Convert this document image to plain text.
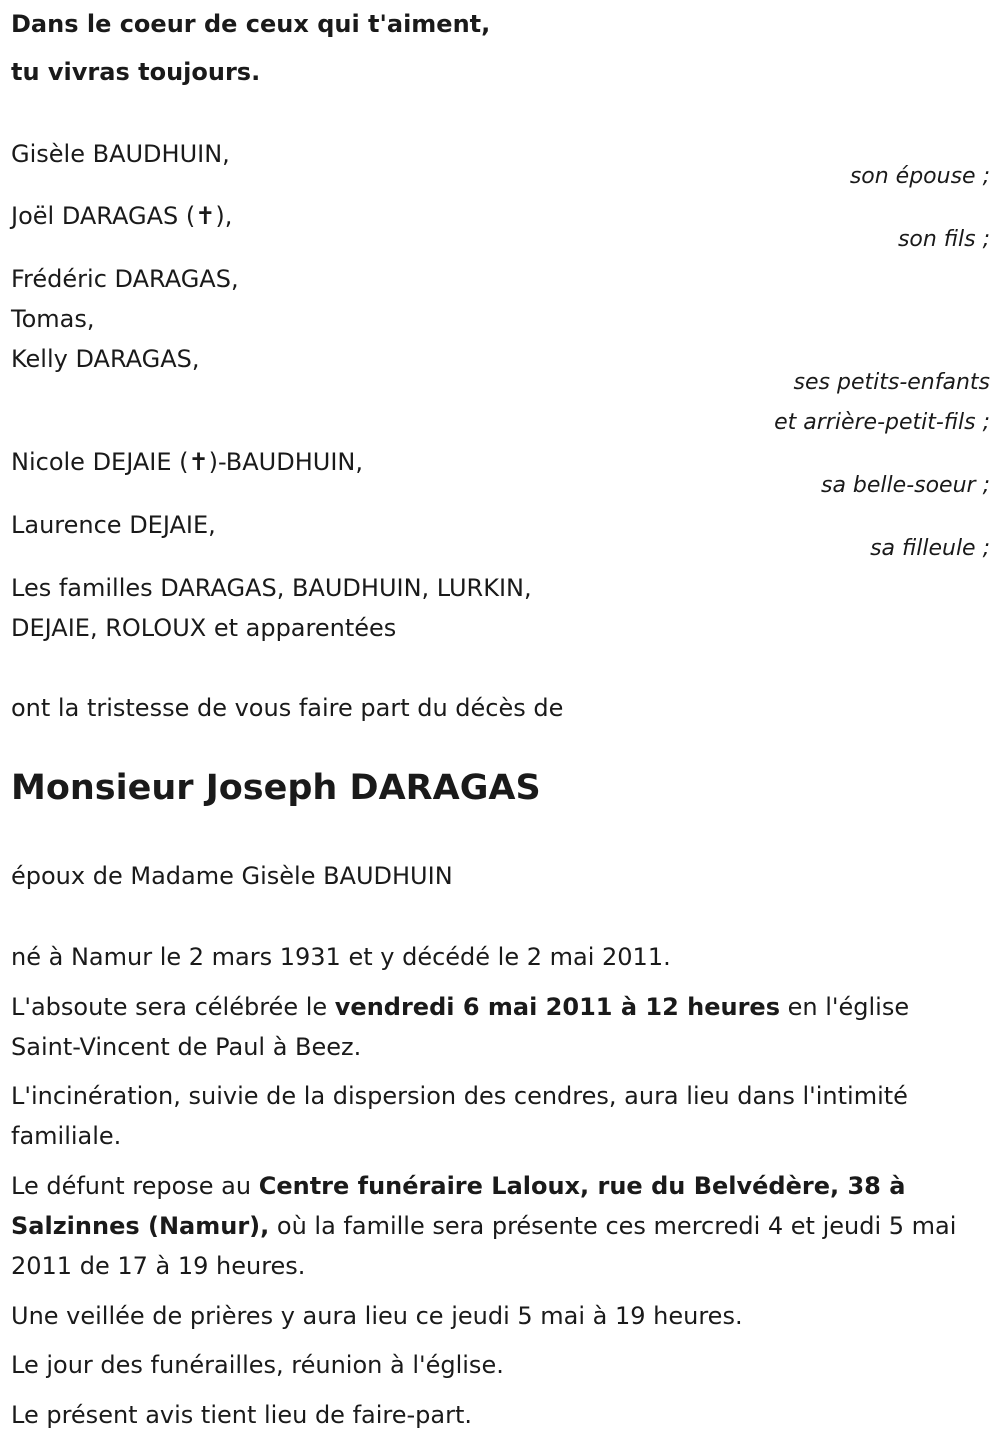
Dans le coeur de ceux qui t'aiment,
tu vivras toujours.
Gisèle BAUDHUIN,
son épouse ;
Joël DARAGAS (✝),
son fils ;
Frédéric DARAGAS,
Tomas,
Kelly DARAGAS,
ses petits-enfants
et arrière-petit-fils ;
Nicole DEJAIE (✝)-BAUDHUIN,
sa belle-soeur ;
Laurence DEJAIE,
sa filleule ;
Les familles DARAGAS, BAUDHUIN, LURKIN,
DEJAIE, ROLOUX et apparentées
ont la tristesse de vous faire part du décès de
Monsieur Joseph DARAGAS
époux de Madame Gisèle BAUDHUIN
né à Namur le 2 mars 1931 et y décédé le 2 mai 2011.
L'absoute sera célébrée le vendredi 6 mai 2011 à 12 heures en l'église Saint-Vincent de Paul à Beez.
L'incinération, suivie de la dispersion des cendres, aura lieu dans l'intimité familiale.
Le défunt repose au Centre funéraire Laloux, rue du Belvédère, 38 à Salzinnes (Namur), où la famille sera présente ces mercredi 4 et jeudi 5 mai 2011 de 17 à 19 heures.
Une veillée de prières y aura lieu ce jeudi 5 mai à 19 heures.
Le jour des funérailles, réunion à l'église.
Le présent avis tient lieu de faire-part.
